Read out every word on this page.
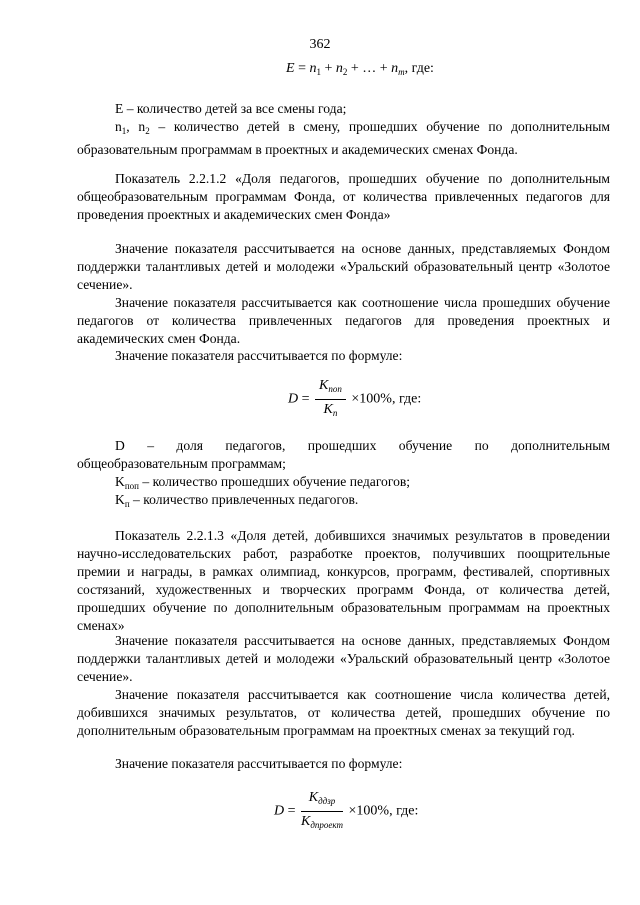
362
$E = n_1 + n_2$ + … + $n_m$, где:

E – количество детей за все смены года;

$n_1$, $n_2$ – количество детей в смену, прошедших обучение по дополнительным образовательным программам в проектных и академических сменах Фонда.

Показатель 2.2.1.2 «Доля педагогов, прошедших обучение по дополнительным общеобразовательным программам Фонда, от количества привлеченных педагогов для проведения проектных и академических смен Фонда»

Значение показателя рассчитывается на основе данных, представляемых Фондом поддержки талантливых детей и молодежи «Уральский образовательный центр «Золотое сечение».

Значение показателя рассчитывается как соотношение числа прошедших обучение педагогов от количества привлеченных педагогов для проведения проектных и академических смен Фонда.

Значение показателя рассчитывается по формуле:

$D = \frac{K_{поп}}{K_п} \times 100\%$, где:

D – доля педагогов, прошедших обучение по дополнительным общеобразовательным программам;

$K_{поп}$ – количество прошедших обучение педагогов;

$K_п$ – количество привлеченных педагогов.

Показатель 2.2.1.3 «Доля детей, добившихся значимых результатов в проведении научно-исследовательских работ, разработке проектов, получивших поощрительные премии и награды, в рамках олимпиад, конкурсов, программ, фестивалей, спортивных состязаний, художественных и творческих программ Фонда, от количества детей, прошедших обучение по дополнительным образовательным программам на проектных сменах»

Значение показателя рассчитывается на основе данных, представляемых Фондом поддержки талантливых детей и молодежи «Уральский образовательный центр «Золотое сечение».

Значение показателя рассчитывается как соотношение числа количества детей, добившихся значимых результатов, от количества детей, прошедших обучение по дополнительным образовательным программам на проектных сменах за текущий год.

Значение показателя рассчитывается по формуле:

$D = \frac{K_{ддзр}}{K_{дпроект}} \times 100\%$, где:
